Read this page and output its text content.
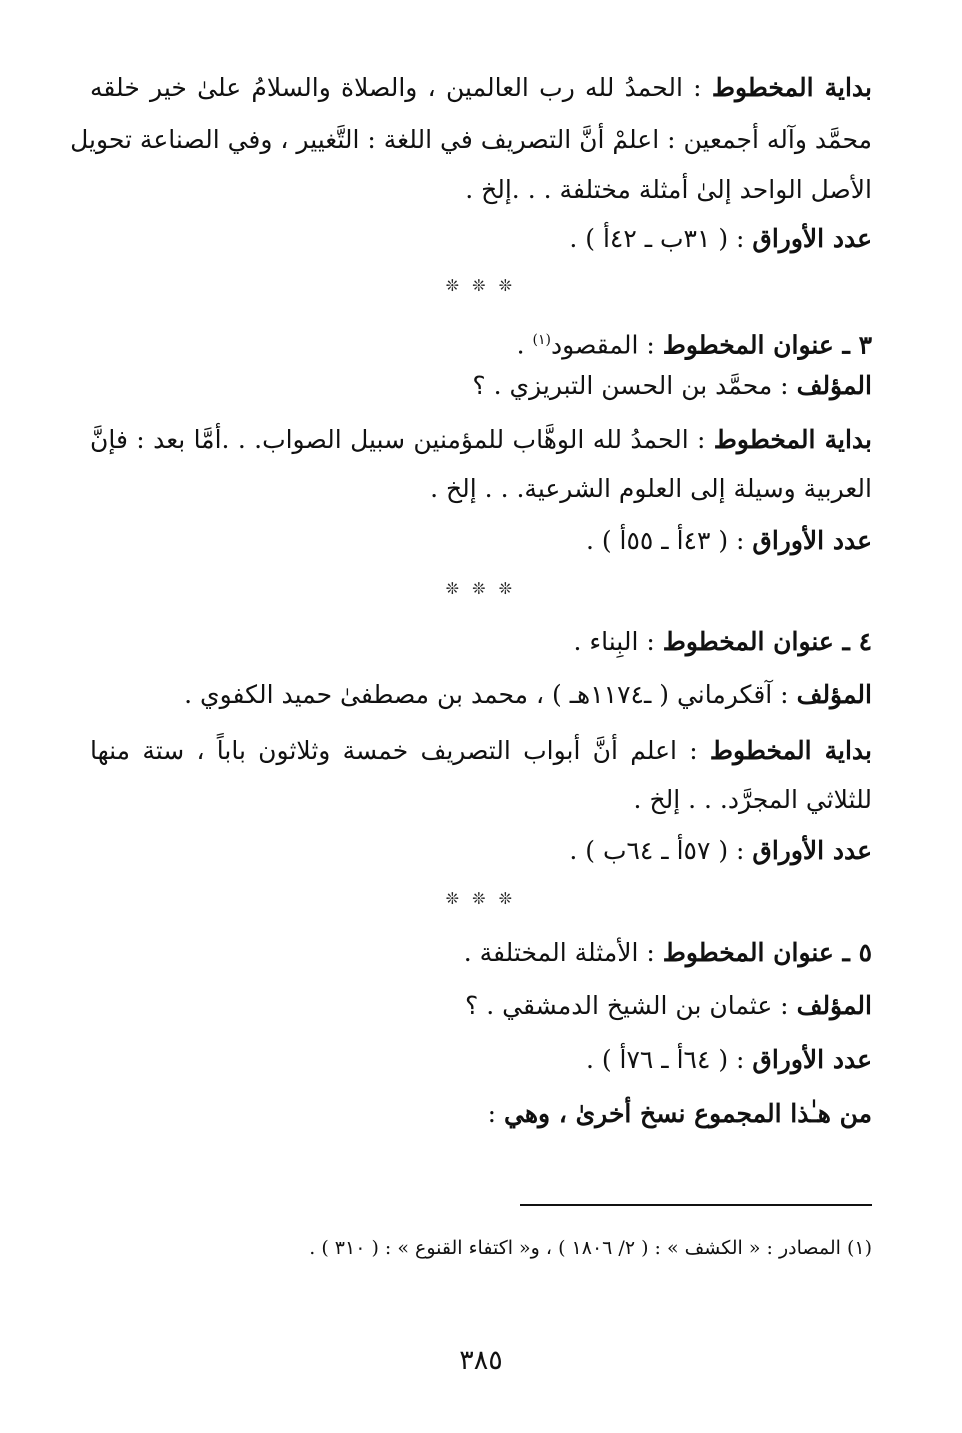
بداية المخطوط : الحمدُ لله رب العالمين ، والصلاة والسلامُ علىٰ خير خلقه
محمَّد وآله أجمعين : اعلمْ أنَّ التصريف في اللغة : التَّغيير ، وفي الصناعة تحويل
الأصل الواحد إلىٰ أمثلة مختلفة . . .إلخ .
عدد الأوراق : ( ٣١ب ـ ٤٢أ ) .
❊ ❊ ❊
٣ ـ عنوان المخطوط : المقصود$^{(١)}$ .
المؤلف : محمَّد بن الحسن التبريزي . ؟
بداية المخطوط : الحمدُ لله الوهَّاب للمؤمنين سبيل الصواب. . .أمَّا بعد : فإنَّ
العربية وسيلة إلى العلوم الشرعية. . . إلخ .
عدد الأوراق : ( ٤٣أ ـ ٥٥أ ) .
❊ ❊ ❊
٤ ـ عنوان المخطوط : البِناء .
المؤلف : آقكرماني ( ـ١١٧٤هـ ) ، محمد بن مصطفىٰ حميد الكفوي .
بداية المخطوط : اعلم أنَّ أبواب التصريف خمسة وثلاثون باباً ، ستة منها
للثلاثي المجرَّد. . . إلخ .
عدد الأوراق : ( ٥٧أ ـ ٦٤ب ) .
❊ ❊ ❊
٥ ـ عنوان المخطوط : الأمثلة المختلفة .
المؤلف : عثمان بن الشيخ الدمشقي . ؟
عدد الأوراق : ( ٦٤أ ـ ٧٦أ ) .
من هـٰذا المجموع نسخ أخرىٰ ، وهي :
(١) المصادر : « الكشف » : ( ٢/ ١٨٠٦ ) ، و« اكتفاء القنوع » : ( ٣١٠ ) .
٣٨٥
